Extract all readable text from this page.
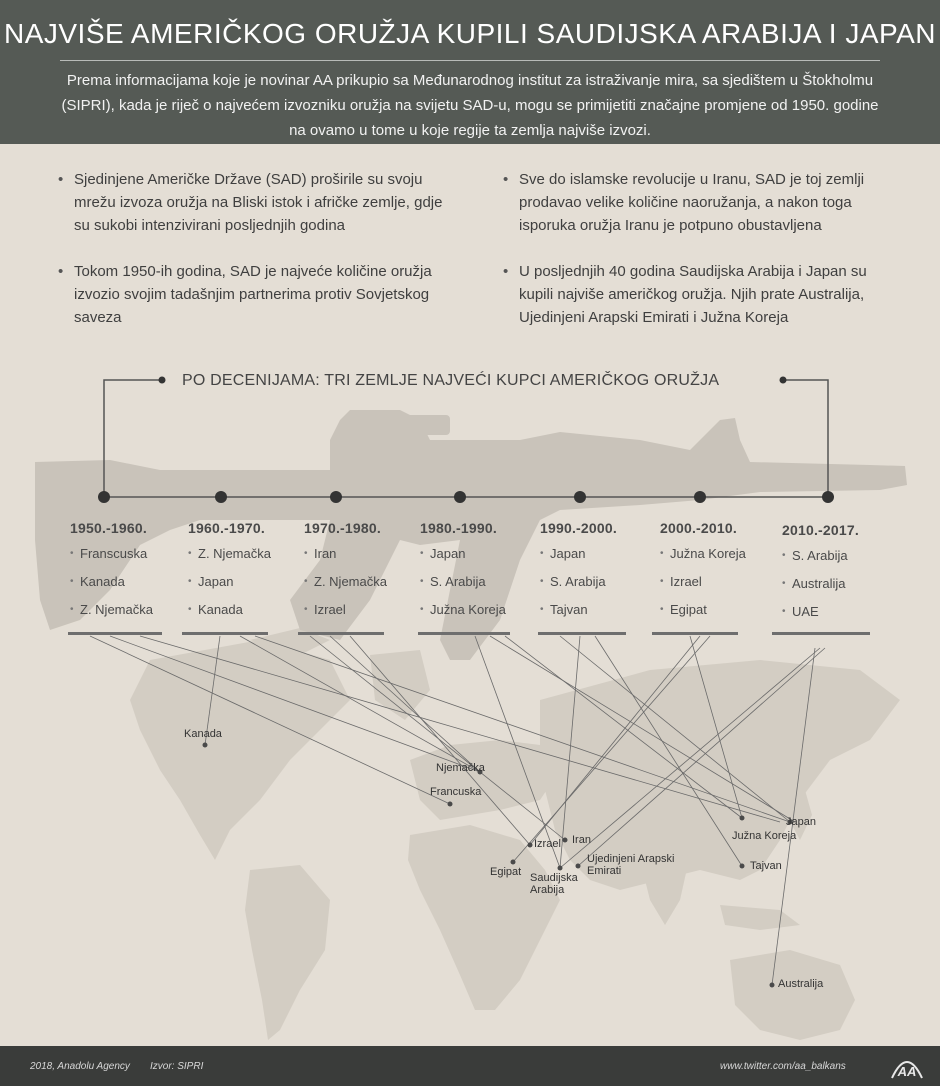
NAJVIŠE AMERIČKOG ORUŽJA KUPILI SAUDIJSKA ARABIJA I JAPAN
Prema informacijama koje je novinar AA prikupio sa Međunarodnog institut za istraživanje mira, sa sjedištem u Štokholmu (SIPRI), kada je riječ o najvećem izvozniku oružja na svijetu SAD-u, mogu se primijetiti značajne promjene od 1950. godine na ovamo u tome u koje regije ta zemlja najviše izvozi.
• Sjedinjene Američke Države (SAD) proširile su svoju mrežu izvoza oružja na Bliski istok i afričke zemlje, gdje su sukobi intenzivirani posljednjih godina
• Tokom 1950-ih godina, SAD je najveće količine oružja izvozio svojim tadašnjim partnerima protiv Sovjetskog saveza
• Sve do islamske revolucije u Iranu, SAD je toj zemlji prodavao velike količine naoružanja, a nakon toga isporuka oružja Iranu je potpuno obustavljena
• U posljednjih 40 godina Saudijska Arabija i Japan su kupili najviše američkog oružja. Njih prate Australija, Ujedinjeni Arapski Emirati i Južna Koreja
PO DECENIJAMA: TRI ZEMLJE NAJVEĆI KUPCI AMERIČKOG ORUŽJA
1950.-1960.
• Franscuska
• Kanada
• Z. Njemačka
1960.-1970.
• Z. Njemačka
• Japan
• Kanada
1970.-1980.
• Iran
• Z. Njemačka
• Izrael
1980.-1990.
• Japan
• S. Arabija
• Južna Koreja
1990.-2000.
• Japan
• S. Arabija
• Tajvan
2000.-2010.
• Južna Koreja
• Izrael
• Egipat
2010.-2017.
• S. Arabija
• Australija
• UAE
Kanada
Njemačka
Francuska
Izrael Iran
Egipat Saudijska Arabija
Ujedinjeni Arapski Emirati
Japan
Južna Koreja
Tajvan
Australija
2018, Anadolu Agency Izvor: SIPRI	www.twitter.com/aa_balkans	AA
